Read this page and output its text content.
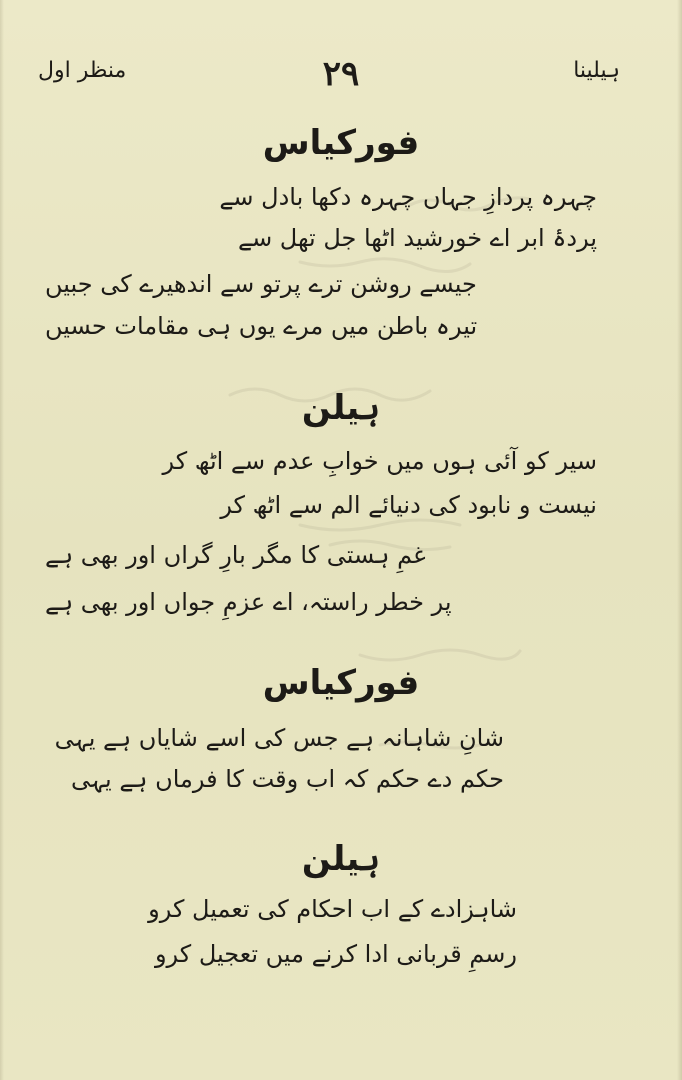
ہیلینا
۲۹
منظر اول
فورکیاس
چہرہ پردازِ جہاں چہرہ دکھا بادل سے
پردۂ ابر اے خورشید اٹھا جل تھل سے
جیسے روشن ترے پرتو سے اندھیرے کی جبیں
تیرہ باطن میں مرے یوں ہی مقامات حسیں
ہیلن
سیر کو آئی ہوں میں خوابِ عدم سے اٹھ کر
نیست و نابود کی دنیائے الم سے اٹھ کر
غمِ ہستی کا مگر بارِ گراں اور بھی ہے
پر خطر راستہ، اے عزمِ جواں اور بھی ہے
فورکیاس
شانِ شاہانہ ہے جس کی اسے شایاں ہے یہی
حکم دے حکم کہ اب وقت کا فرماں ہے یہی
ہیلن
شاہزادے کے اب احکام کی تعمیل کرو
رسمِ قربانی ادا کرنے میں تعجیل کرو
